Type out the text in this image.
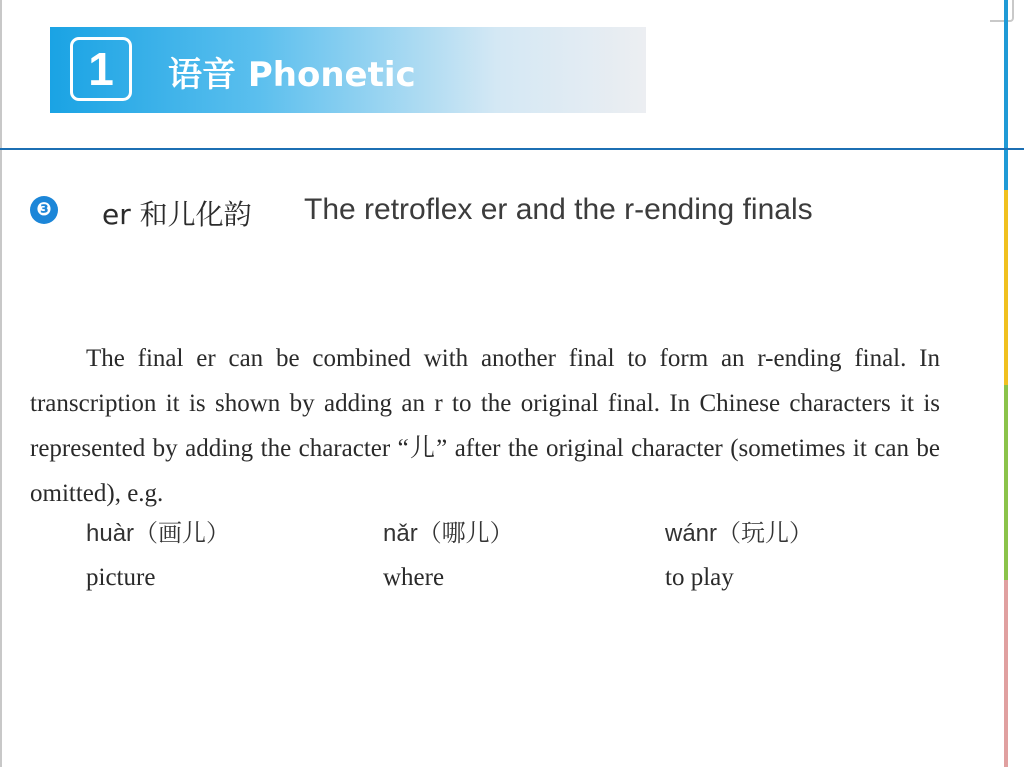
1	语音 Phonetic
❸ er 和儿化韵 The retroflex er and the r-ending finals
The final er can be combined with another final to form an r-ending final. In transcription it is shown by adding an r to the original final. In Chinese characters it is represented by adding the character “儿” after the original character (sometimes it can be omitted), e.g.
huàr（画儿）
picture
nǎr（哪儿）
where
wánr（玩儿）
to play
